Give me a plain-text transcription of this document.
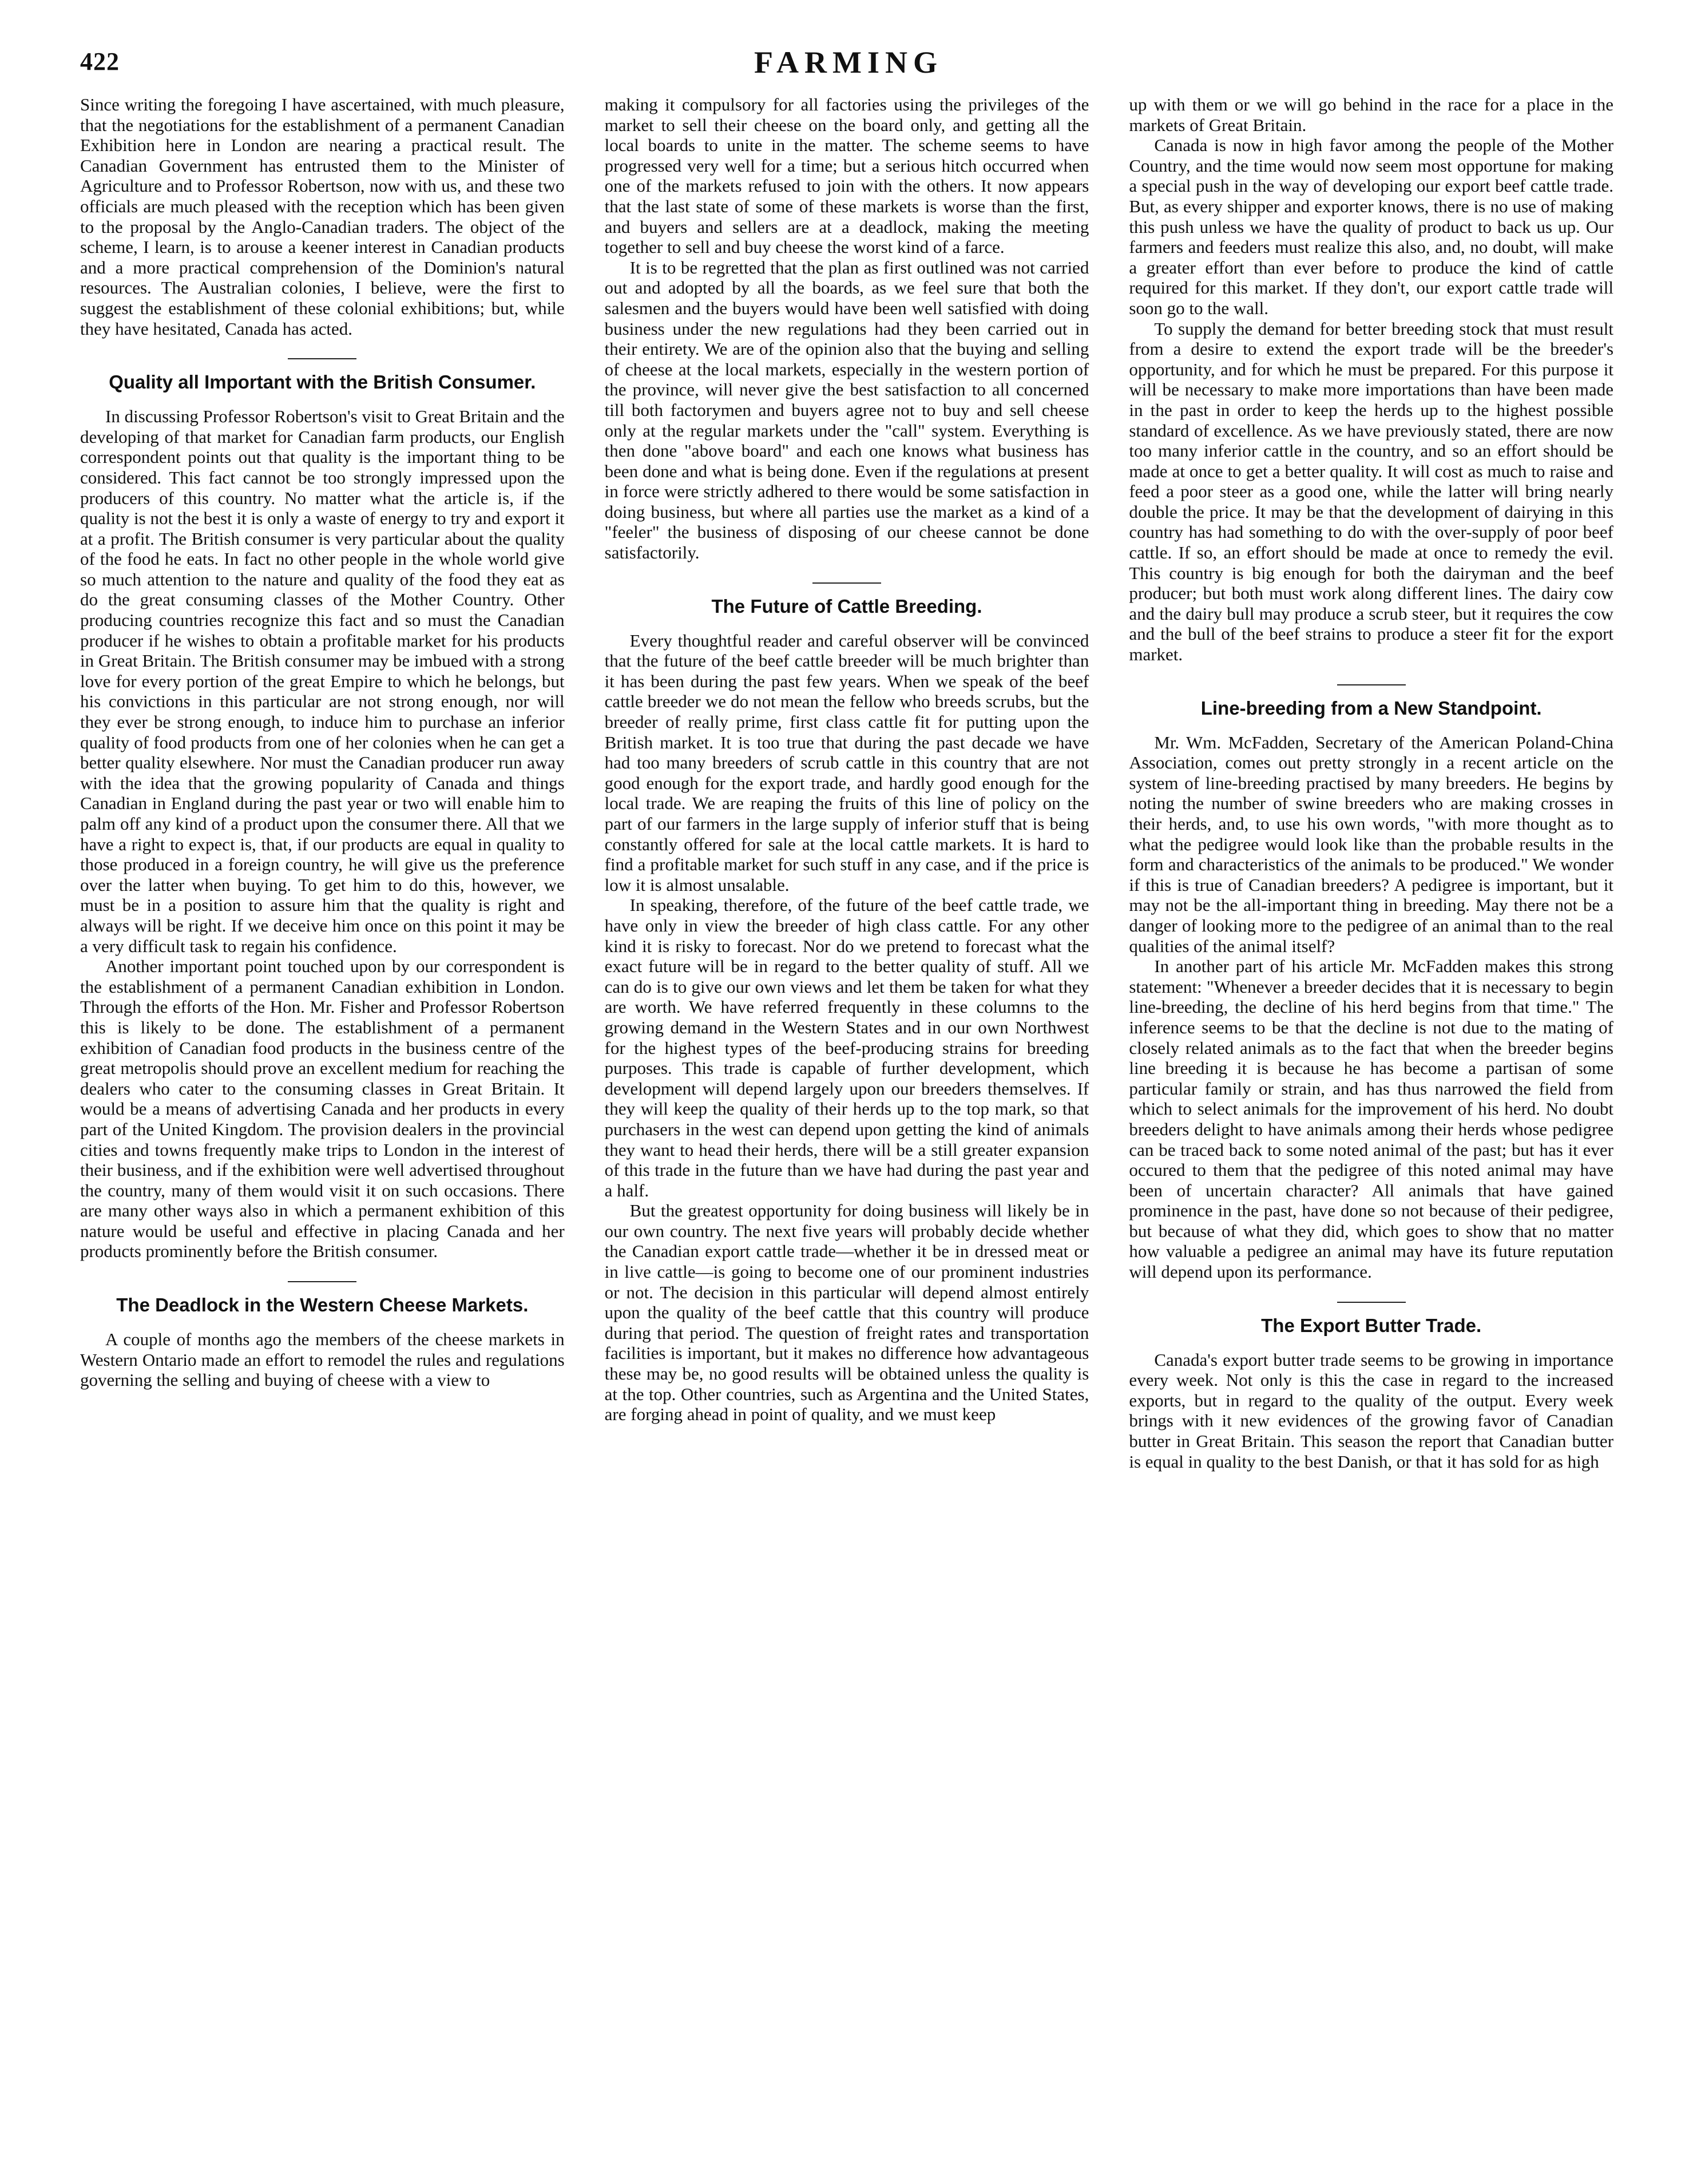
422	FARMING

Since writing the foregoing I have ascertained, with much pleasure, that the negotiations for the establishment of a permanent Canadian Exhibition here in London are nearing a practical result. The Canadian Government has entrusted them to the Minister of Agriculture and to Professor Robertson, now with us, and these two officials are much pleased with the reception which has been given to the proposal by the Anglo-Canadian traders. The object of the scheme, I learn, is to arouse a keener interest in Canadian products and a more practical comprehension of the Dominion's natural resources. The Australian colonies, I believe, were the first to suggest the establishment of these colonial exhibitions; but, while they have hesitated, Canada has acted.

Quality all Important with the British Consumer.

In discussing Professor Robertson's visit to Great Britain and the developing of that market for Canadian farm products, our English correspondent points out that quality is the important thing to be considered. This fact cannot be too strongly impressed upon the producers of this country. No matter what the article is, if the quality is not the best it is only a waste of energy to try and export it at a profit. The British consumer is very particular about the quality of the food he eats. In fact no other people in the whole world give so much attention to the nature and quality of the food they eat as do the great consuming classes of the Mother Country. Other producing countries recognize this fact and so must the Canadian producer if he wishes to obtain a profitable market for his products in Great Britain. The British consumer may be imbued with a strong love for every portion of the great Empire to which he belongs, but his convictions in this particular are not strong enough, nor will they ever be strong enough, to induce him to purchase an inferior quality of food products from one of her colonies when he can get a better quality elsewhere. Nor must the Canadian producer run away with the idea that the growing popularity of Canada and things Canadian in England during the past year or two will enable him to palm off any kind of a product upon the consumer there. All that we have a right to expect is, that, if our products are equal in quality to those produced in a foreign country, he will give us the preference over the latter when buying. To get him to do this, however, we must be in a position to assure him that the quality is right and always will be right. If we deceive him once on this point it may be a very difficult task to regain his confidence.

Another important point touched upon by our correspondent is the establishment of a permanent Canadian exhibition in London. Through the efforts of the Hon. Mr. Fisher and Professor Robertson this is likely to be done. The establishment of a permanent exhibition of Canadian food products in the business centre of the great metropolis should prove an excellent medium for reaching the dealers who cater to the consuming classes in Great Britain. It would be a means of advertising Canada and her products in every part of the United Kingdom. The provision dealers in the provincial cities and towns frequently make trips to London in the interest of their business, and if the exhibition were well advertised throughout the country, many of them would visit it on such occasions. There are many other ways also in which a permanent exhibition of this nature would be useful and effective in placing Canada and her products prominently before the British consumer.

The Deadlock in the Western Cheese Markets.

A couple of months ago the members of the cheese markets in Western Ontario made an effort to remodel the rules and regulations governing the selling and buying of cheese with a view to

making it compulsory for all factories using the privileges of the market to sell their cheese on the board only, and getting all the local boards to unite in the matter. The scheme seems to have progressed very well for a time; but a serious hitch occurred when one of the markets refused to join with the others. It now appears that the last state of some of these markets is worse than the first, and buyers and sellers are at a deadlock, making the meeting together to sell and buy cheese the worst kind of a farce.

It is to be regretted that the plan as first outlined was not carried out and adopted by all the boards, as we feel sure that both the salesmen and the buyers would have been well satisfied with doing business under the new regulations had they been carried out in their entirety. We are of the opinion also that the buying and selling of cheese at the local markets, especially in the western portion of the province, will never give the best satisfaction to all concerned till both factorymen and buyers agree not to buy and sell cheese only at the regular markets under the "call" system. Everything is then done "above board" and each one knows what business has been done and what is being done. Even if the regulations at present in force were strictly adhered to there would be some satisfaction in doing business, but where all parties use the market as a kind of a "feeler" the business of disposing of our cheese cannot be done satisfactorily.

The Future of Cattle Breeding.

Every thoughtful reader and careful observer will be convinced that the future of the beef cattle breeder will be much brighter than it has been during the past few years. When we speak of the beef cattle breeder we do not mean the fellow who breeds scrubs, but the breeder of really prime, first class cattle fit for putting upon the British market. It is too true that during the past decade we have had too many breeders of scrub cattle in this country that are not good enough for the export trade, and hardly good enough for the local trade. We are reaping the fruits of this line of policy on the part of our farmers in the large supply of inferior stuff that is being constantly offered for sale at the local cattle markets. It is hard to find a profitable market for such stuff in any case, and if the price is low it is almost unsalable.

In speaking, therefore, of the future of the beef cattle trade, we have only in view the breeder of high class cattle. For any other kind it is risky to forecast. Nor do we pretend to forecast what the exact future will be in regard to the better quality of stuff. All we can do is to give our own views and let them be taken for what they are worth. We have referred frequently in these columns to the growing demand in the Western States and in our own Northwest for the highest types of the beef-producing strains for breeding purposes. This trade is capable of further development, which development will depend largely upon our breeders themselves. If they will keep the quality of their herds up to the top mark, so that purchasers in the west can depend upon getting the kind of animals they want to head their herds, there will be a still greater expansion of this trade in the future than we have had during the past year and a half.

But the greatest opportunity for doing business will likely be in our own country. The next five years will probably decide whether the Canadian export cattle trade—whether it be in dressed meat or in live cattle—is going to become one of our prominent industries or not. The decision in this particular will depend almost entirely upon the quality of the beef cattle that this country will produce during that period. The question of freight rates and transportation facilities is important, but it makes no difference how advantageous these may be, no good results will be obtained unless the quality is at the top. Other countries, such as Argentina and the United States, are forging ahead in point of quality, and we must keep

up with them or we will go behind in the race for a place in the markets of Great Britain.

Canada is now in high favor among the people of the Mother Country, and the time would now seem most opportune for making a special push in the way of developing our export beef cattle trade. But, as every shipper and exporter knows, there is no use of making this push unless we have the quality of product to back us up. Our farmers and feeders must realize this also, and, no doubt, will make a greater effort than ever before to produce the kind of cattle required for this market. If they don't, our export cattle trade will soon go to the wall.

To supply the demand for better breeding stock that must result from a desire to extend the export trade will be the breeder's opportunity, and for which he must be prepared. For this purpose it will be necessary to make more importations than have been made in the past in order to keep the herds up to the highest possible standard of excellence. As we have previously stated, there are now too many inferior cattle in the country, and so an effort should be made at once to get a better quality. It will cost as much to raise and feed a poor steer as a good one, while the latter will bring nearly double the price. It may be that the development of dairying in this country has had something to do with the over-supply of poor beef cattle. If so, an effort should be made at once to remedy the evil. This country is big enough for both the dairyman and the beef producer; but both must work along different lines. The dairy cow and the dairy bull may produce a scrub steer, but it requires the cow and the bull of the beef strains to produce a steer fit for the export market.

Line-breeding from a New Standpoint.

Mr. Wm. McFadden, Secretary of the American Poland-China Association, comes out pretty strongly in a recent article on the system of line-breeding practised by many breeders. He begins by noting the number of swine breeders who are making crosses in their herds, and, to use his own words, "with more thought as to what the pedigree would look like than the probable results in the form and characteristics of the animals to be produced." We wonder if this is true of Canadian breeders? A pedigree is important, but it may not be the all-important thing in breeding. May there not be a danger of looking more to the pedigree of an animal than to the real qualities of the animal itself?

In another part of his article Mr. McFadden makes this strong statement: "Whenever a breeder decides that it is necessary to begin line-breeding, the decline of his herd begins from that time." The inference seems to be that the decline is not due to the mating of closely related animals as to the fact that when the breeder begins line breeding it is because he has become a partisan of some particular family or strain, and has thus narrowed the field from which to select animals for the improvement of his herd. No doubt breeders delight to have animals among their herds whose pedigree can be traced back to some noted animal of the past; but has it ever occured to them that the pedigree of this noted animal may have been of uncertain character? All animals that have gained prominence in the past, have done so not because of their pedigree, but because of what they did, which goes to show that no matter how valuable a pedigree an animal may have its future reputation will depend upon its performance.

The Export Butter Trade.

Canada's export butter trade seems to be growing in importance every week. Not only is this the case in regard to the increased exports, but in regard to the quality of the output. Every week brings with it new evidences of the growing favor of Canadian butter in Great Britain. This season the report that Canadian butter is equal in quality to the best Danish, or that it has sold for as high
